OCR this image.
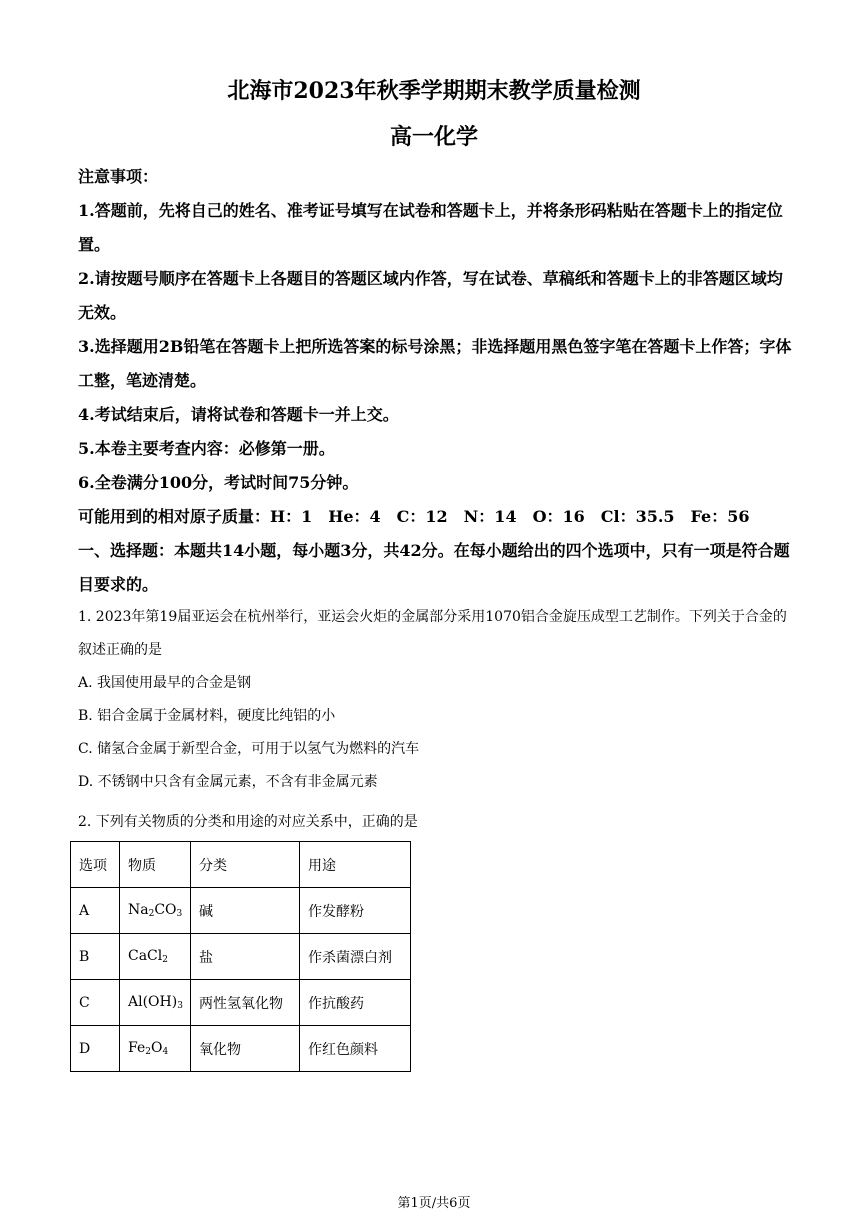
北海市2023年秋季学期期末教学质量检测
高一化学
注意事项：
1.答题前，先将自己的姓名、准考证号填写在试卷和答题卡上，并将条形码粘贴在答题卡上的指定位置。
2.请按题号顺序在答题卡上各题目的答题区域内作答，写在试卷、草稿纸和答题卡上的非答题区域均无效。
3.选择题用2B铅笔在答题卡上把所选答案的标号涂黑；非选择题用黑色签字笔在答题卡上作答；字体工整，笔迹清楚。
4.考试结束后，请将试卷和答题卡一并上交。
5.本卷主要考查内容：必修第一册。
6.全卷满分100分，考试时间75分钟。
可能用到的相对原子质量：H：1　He：4　C：12　N：14　O：16　Cl：35.5　Fe：56
一、选择题：本题共14小题，每小题3分，共42分。在每小题给出的四个选项中，只有一项是符合题目要求的。
1. 2023年第19届亚运会在杭州举行，亚运会火炬的金属部分采用1070铝合金旋压成型工艺制作。下列关于合金的叙述正确的是
A. 我国使用最早的合金是钢
B. 铝合金属于金属材料，硬度比纯铝的小
C. 储氢合金属于新型合金，可用于以氢气为燃料的汽车
D. 不锈钢中只含有金属元素，不含有非金属元素
2. 下列有关物质的分类和用途的对应关系中，正确的是
选项	物质	分类	用途
A	$Na_2CO_3$	碱	作发酵粉
B	CaCl$_2$	盐	作杀菌漂白剂
C	$Al(OH)_3$	两性氢氧化物	作抗酸药
D	$Fe_2O_4$	氧化物	作红色颜料
第1页/共6页
